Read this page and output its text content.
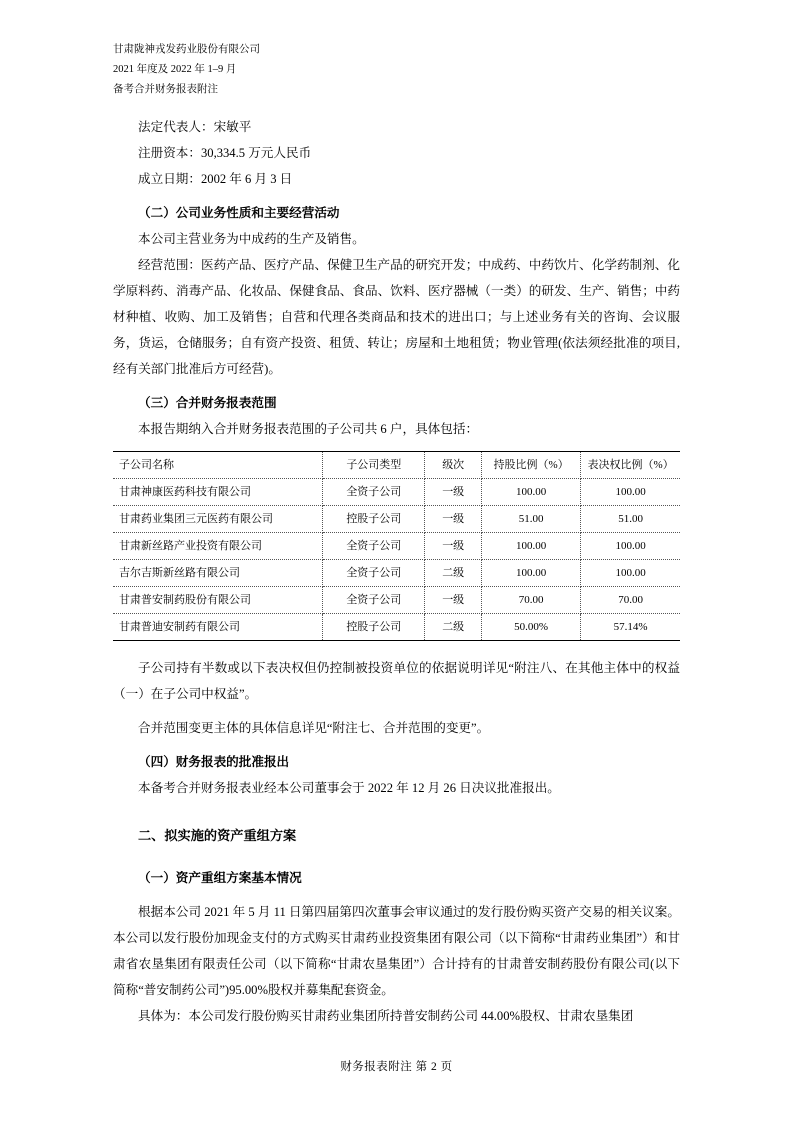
甘肃陇神戎发药业股份有限公司
2021 年度及 2022 年 1–9 月
备考合并财务报表附注

法定代表人：宋敏平

注册资本：30,334.5 万元人民币

成立日期：2002 年 6 月 3 日

（二）公司业务性质和主要经营活动

本公司主营业务为中成药的生产及销售。

经营范围：医药产品、医疗产品、保健卫生产品的研究开发；中成药、中药饮片、化学药制剂、化学原料药、消毒产品、化妆品、保健食品、食品、饮料、医疗器械（一类）的研发、生产、销售；中药材种植、收购、加工及销售；自营和代理各类商品和技术的进出口；与上述业务有关的咨询、会议服务，货运，仓储服务；自有资产投资、租赁、转让；房屋和土地租赁；物业管理(依法须经批准的项目,经有关部门批准后方可经营)。

（三）合并财务报表范围

本报告期纳入合并财务报表范围的子公司共 6 户，具体包括：

子公司名称	子公司类型	级次	持股比例（%）	表决权比例（%）
甘肃神康医药科技有限公司	全资子公司	一级	100.00	100.00
甘肃药业集团三元医药有限公司	控股子公司	一级	51.00	51.00
甘肃新丝路产业投资有限公司	全资子公司	一级	100.00	100.00
吉尔吉斯新丝路有限公司	全资子公司	二级	100.00	100.00
甘肃普安制药股份有限公司	全资子公司	一级	70.00	70.00
甘肃普迪安制药有限公司	控股子公司	二级	50.00%	57.14%

子公司持有半数或以下表决权但仍控制被投资单位的依据说明详见“附注八、在其他主体中的权益（一）在子公司中权益”。

合并范围变更主体的具体信息详见“附注七、合并范围的变更”。

（四）财务报表的批准报出

本备考合并财务报表业经本公司董事会于 2022 年 12 月 26 日决议批准报出。

二、拟实施的资产重组方案

（一）资产重组方案基本情况

根据本公司 2021 年 5 月 11 日第四届第四次董事会审议通过的发行股份购买资产交易的相关议案。本公司以发行股份加现金支付的方式购买甘肃药业投资集团有限公司（以下简称“甘肃药业集团”）和甘肃省农垦集团有限责任公司（以下简称“甘肃农垦集团”）合计持有的甘肃普安制药股份有限公司(以下简称“普安制药公司”)95.00%股权并募集配套资金。

具体为：本公司发行股份购买甘肃药业集团所持普安制药公司 44.00%股权、甘肃农垦集团

财务报表附注 第 2 页
